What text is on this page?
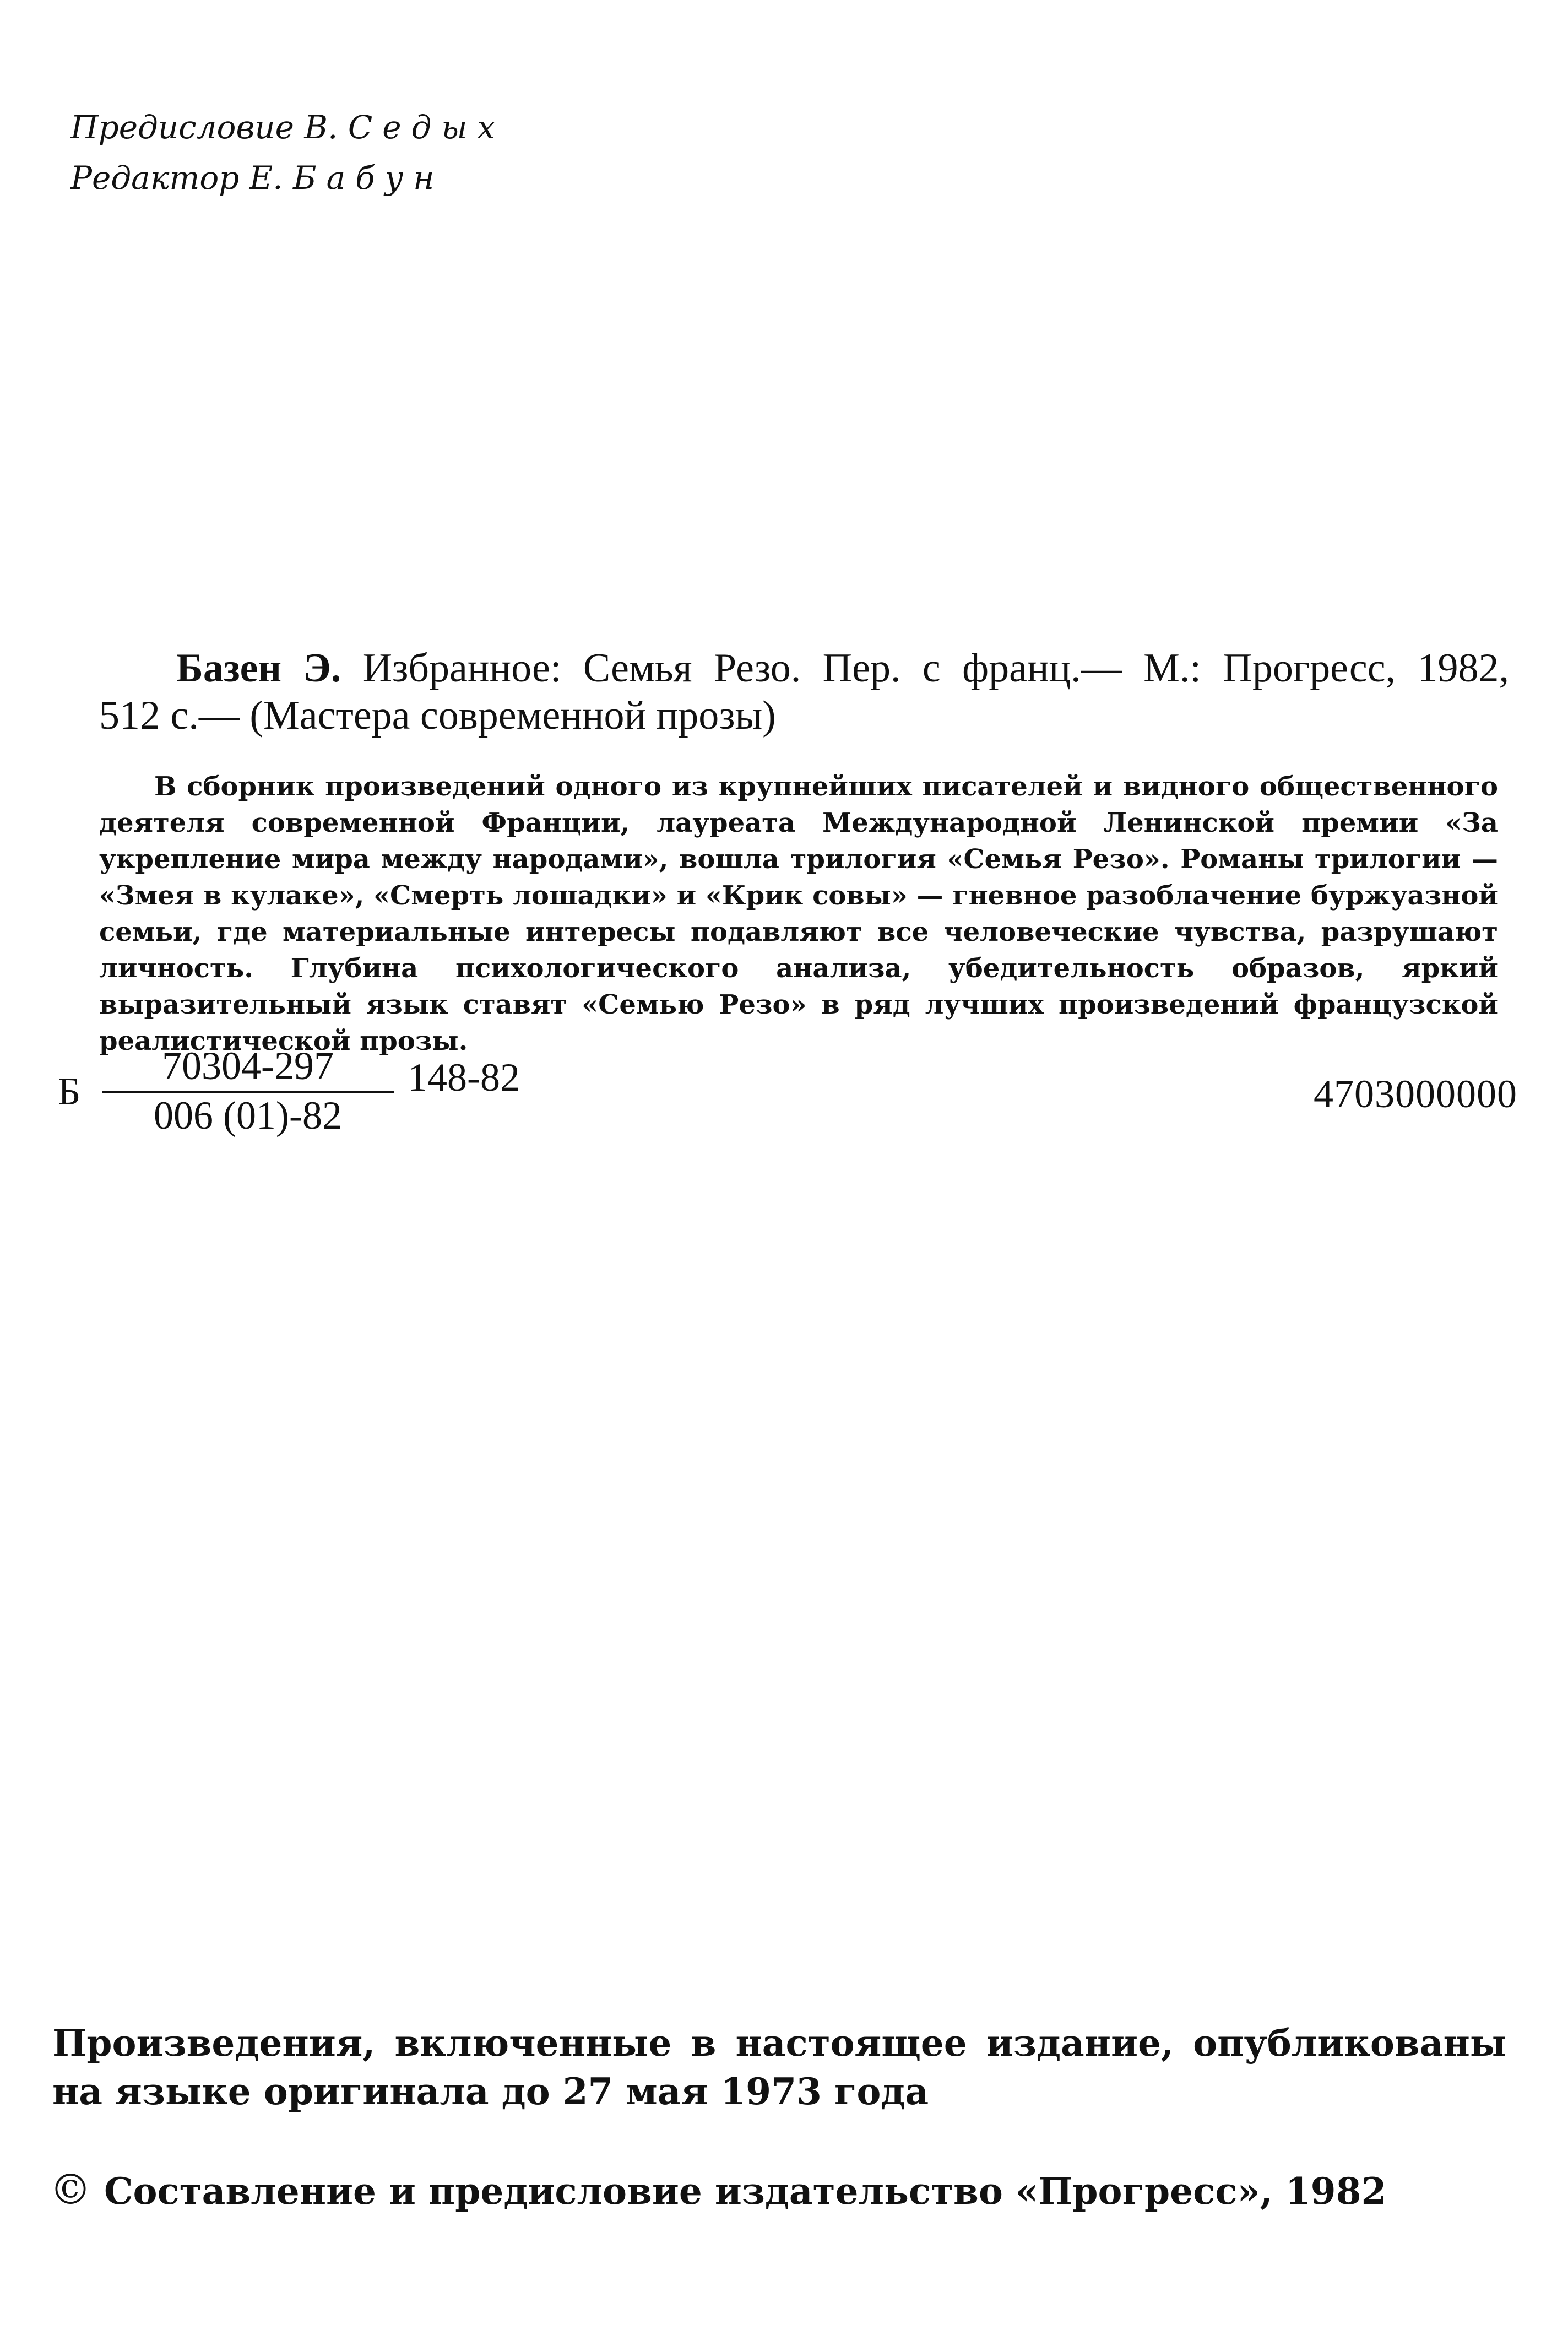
Предисловие В. Седых
Редактор Е. Бабун
Базен Э. Избранное: Семья Резо. Пер. с франц.— М.: Прогресс, 1982,
512 с.— (Мастера современной прозы)
В сборник произведений одного из крупнейших писателей и видного общественного деятеля современной Франции, лауреата Международной Ленинской премии «За укрепление мира между народами», вошла трилогия «Семья Резо». Романы трилогии — «Змея в кулаке», «Смерть лошадки» и «Крик совы» — гневное разоблачение буржуазной семьи, где материальные интересы подавляют все человеческие чувства, разрушают личность. Глубина психологического анализа, убедительность образов, яркий выразительный язык ставят «Семью Резо» в ряд лучших произведений французской реалистической прозы.
Б $\frac{70304-297}{006 (01)-82} 148-82$	4703000000
Произведения, включенные в настоящее издание, опубликованы на языке оригинала до 27 мая 1973 года
© Составление и предисловие издательство «Прогресс», 1982
